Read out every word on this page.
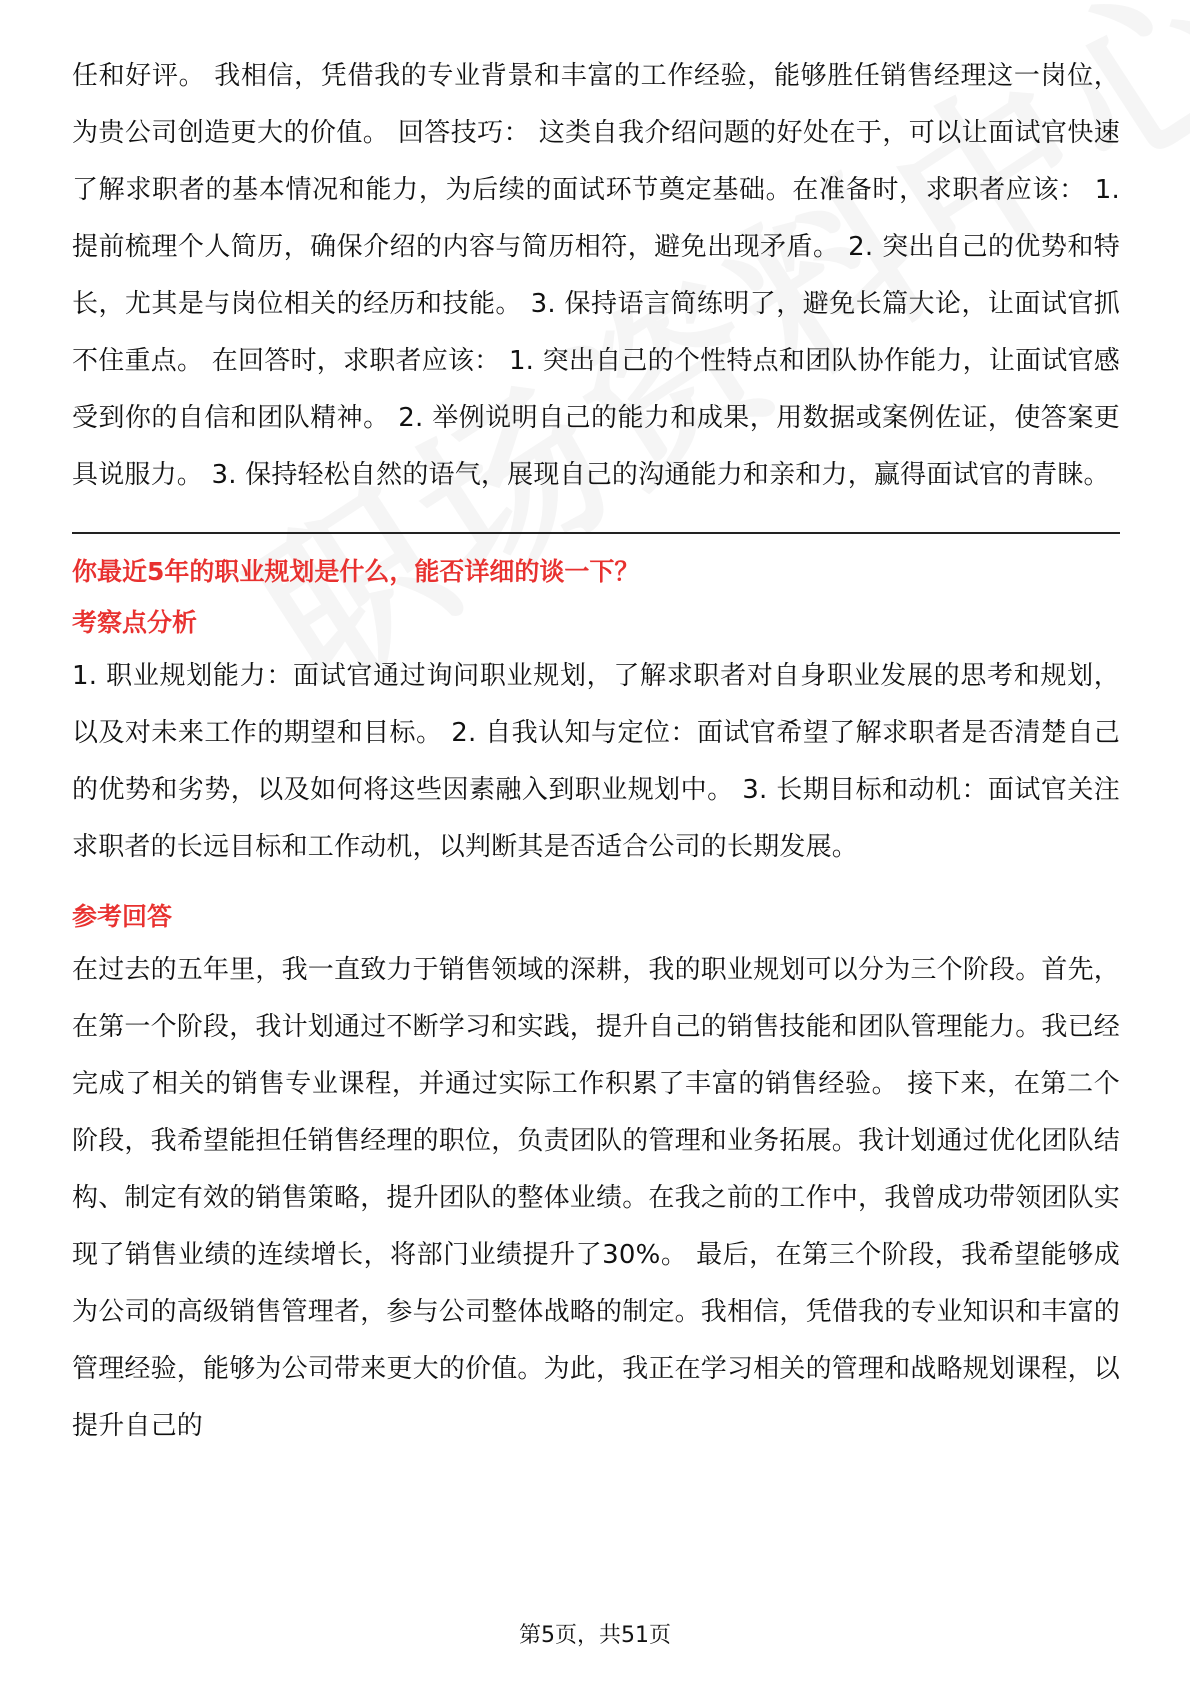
任和好评。 我相信，凭借我的专业背景和丰富的工作经验，能够胜任销售经理这一岗位，为贵公司创造更大的价值。 回答技巧： 这类自我介绍问题的好处在于，可以让面试官快速了解求职者的基本情况和能力，为后续的面试环节奠定基础。在准备时，求职者应该： 1. 提前梳理个人简历，确保介绍的内容与简历相符，避免出现矛盾。 2. 突出自己的优势和特长，尤其是与岗位相关的经历和技能。 3. 保持语言简练明了，避免长篇大论，让面试官抓不住重点。 在回答时，求职者应该： 1. 突出自己的个性特点和团队协作能力，让面试官感受到你的自信和团队精神。 2. 举例说明自己的能力和成果，用数据或案例佐证，使答案更具说服力。 3. 保持轻松自然的语气，展现自己的沟通能力和亲和力，赢得面试官的青睐。

你最近5年的职业规划是什么，能否详细的谈一下？

考察点分析

1. 职业规划能力：面试官通过询问职业规划，了解求职者对自身职业发展的思考和规划，以及对未来工作的期望和目标。 2. 自我认知与定位：面试官希望了解求职者是否清楚自己的优势和劣势，以及如何将这些因素融入到职业规划中。 3. 长期目标和动机：面试官关注求职者的长远目标和工作动机，以判断其是否适合公司的长期发展。

参考回答

在过去的五年里，我一直致力于销售领域的深耕，我的职业规划可以分为三个阶段。首先，在第一个阶段，我计划通过不断学习和实践，提升自己的销售技能和团队管理能力。我已经完成了相关的销售专业课程，并通过实际工作积累了丰富的销售经验。 接下来，在第二个阶段，我希望能担任销售经理的职位，负责团队的管理和业务拓展。我计划通过优化团队结构、制定有效的销售策略，提升团队的整体业绩。在我之前的工作中，我曾成功带领团队实现了销售业绩的连续增长，将部门业绩提升了30%。 最后，在第三个阶段，我希望能够成为公司的高级销售管理者，参与公司整体战略的制定。我相信，凭借我的专业知识和丰富的管理经验，能够为公司带来更大的价值。为此，我正在学习相关的管理和战略规划课程，以提升自己的

第5页，共51页
